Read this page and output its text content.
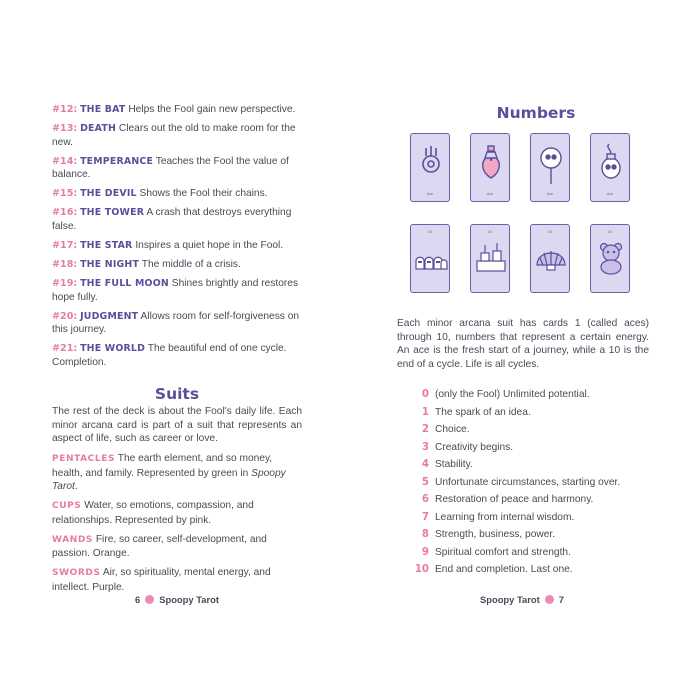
#12: THE BAT Helps the Fool gain new perspective.
#13: DEATH Clears out the old to make room for the new.
#14: TEMPERANCE Teaches the Fool the value of balance.
#15: THE DEVIL Shows the Fool their chains.
#16: THE TOWER A crash that destroys everything false.
#17: THE STAR Inspires a quiet hope in the Fool.
#18: THE NIGHT The middle of a crisis.
#19: THE FULL MOON Shines brightly and restores hope fully.
#20: JUDGMENT Allows room for self-forgiveness on this journey.
#21: THE WORLD The beautiful end of one cycle. Completion.
Suits
The rest of the deck is about the Fool's daily life. Each minor arcana card is part of a suit that represents an aspect of life, such as career or love.
PENTACLES The earth element, and so money, health, and family. Represented by green in Spoopy Tarot.
CUPS Water, so emotions, compassion, and relationships. Represented by pink.
WANDS Fire, so career, self-development, and passion. Orange.
SWORDS Air, so spirituality, mental energy, and intellect. Purple.
6 Spoopy Tarot
Numbers
Ace	Ace	Ace	Ace
10	10	10	10
Each minor arcana suit has cards 1 (called aces) through 10, numbers that represent a certain energy. An ace is the fresh start of a journey, while a 10 is the end of a cycle. Life is all cycles.
0 (only the Fool) Unlimited potential.
1 The spark of an idea.
2 Choice.
3 Creativity begins.
4 Stability.
5 Unfortunate circumstances, starting over.
6 Restoration of peace and harmony.
7 Learning from internal wisdom.
8 Strength, business, power.
9 Spiritual comfort and strength.
10 End and completion. Last one.
Spoopy Tarot 7
